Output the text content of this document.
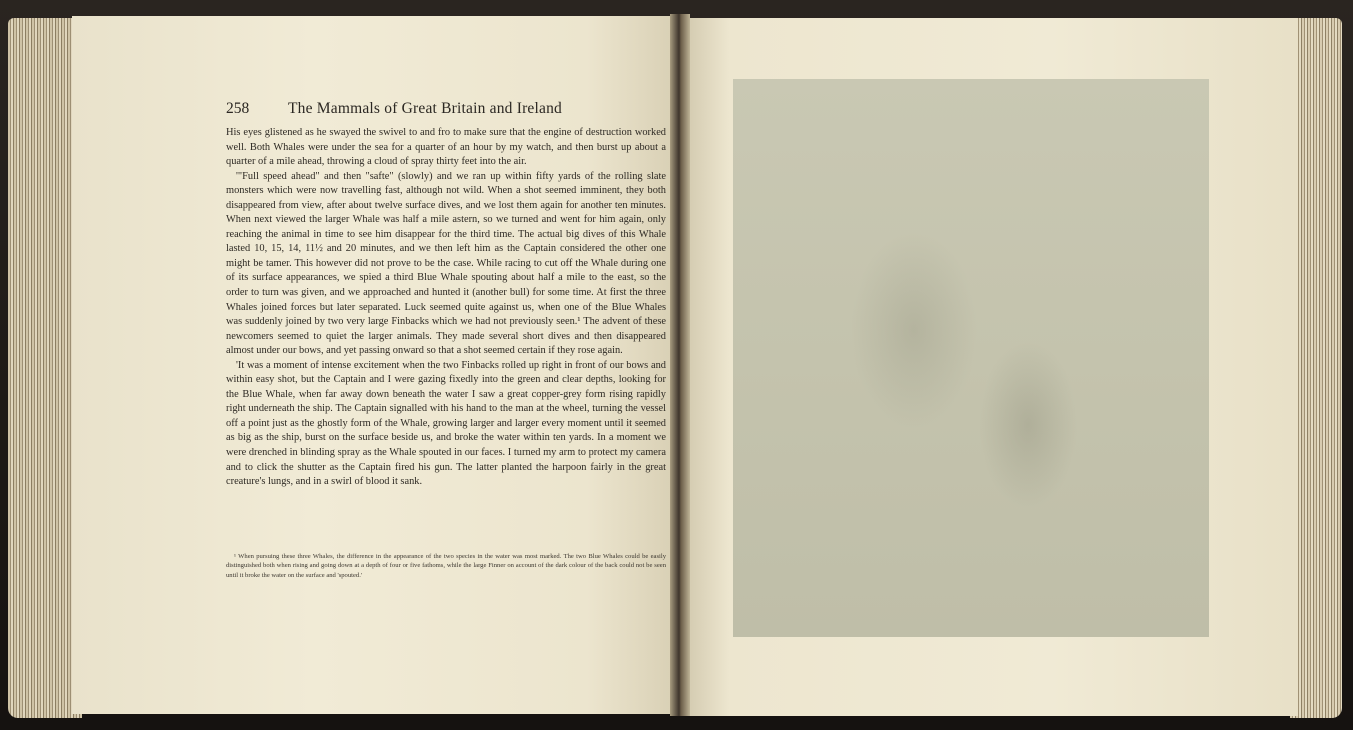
258	The Mammals of Great Britain and Ireland

His eyes glistened as he swayed the swivel to and fro to make sure that the engine of destruction worked well. Both Whales were under the sea for a quarter of an hour by my watch, and then burst up about a quarter of a mile ahead, throwing a cloud of spray thirty feet into the air.

'"Full speed ahead" and then "safte" (slowly) and we ran up within fifty yards of the rolling slate monsters which were now travelling fast, although not wild. When a shot seemed imminent, they both disappeared from view, after about twelve surface dives, and we lost them again for another ten minutes. When next viewed the larger Whale was half a mile astern, so we turned and went for him again, only reaching the animal in time to see him disappear for the third time. The actual big dives of this Whale lasted 10, 15, 14, 11½ and 20 minutes, and we then left him as the Captain considered the other one might be tamer. This however did not prove to be the case. While racing to cut off the Whale during one of its surface appearances, we spied a third Blue Whale spouting about half a mile to the east, so the order to turn was given, and we approached and hunted it (another bull) for some time. At first the three Whales joined forces but later separated. Luck seemed quite against us, when one of the Blue Whales was suddenly joined by two very large Finbacks which we had not previously seen.¹ The advent of these newcomers seemed to quiet the larger animals. They made several short dives and then disappeared almost under our bows, and yet passing onward so that a shot seemed certain if they rose again.

'It was a moment of intense excitement when the two Finbacks rolled up right in front of our bows and within easy shot, but the Captain and I were gazing fixedly into the green and clear depths, looking for the Blue Whale, when far away down beneath the water I saw a great copper-grey form rising rapidly right underneath the ship. The Captain signalled with his hand to the man at the wheel, turning the vessel off a point just as the ghostly form of the Whale, growing larger and larger every moment until it seemed as big as the ship, burst on the surface beside us, and broke the water within ten yards. In a moment we were drenched in blinding spray as the Whale spouted in our faces. I turned my arm to protect my camera and to click the shutter as the Captain fired his gun. The latter planted the harpoon fairly in the great creature's lungs, and in a swirl of blood it sank.

¹ When pursuing these three Whales, the difference in the appearance of the two species in the water was most marked. The two Blue Whales could be easily distinguished both when rising and going down at a depth of four or five fathoms, while the large Finner on account of the dark colour of the back could not be seen until it broke the water on the surface and 'spouted.'
